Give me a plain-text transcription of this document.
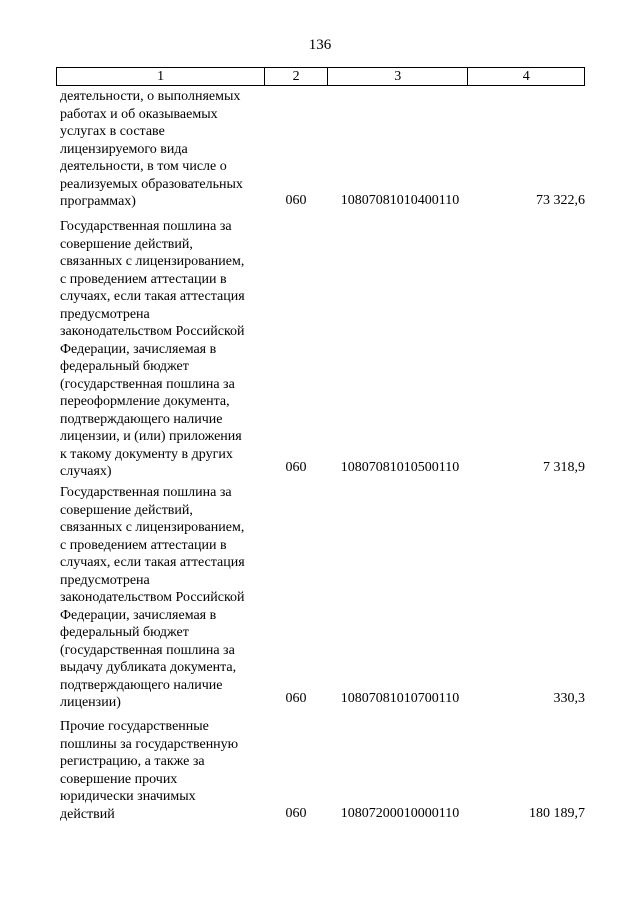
136
1	2	3	4
деятельности, о выполняемых
работах и об оказываемых
услугах в составе
лицензируемого вида
деятельности, в том числе о
реализуемых образовательных
программах)	060	10807081010400110	73 322,6
Государственная пошлина за
совершение действий,
связанных с лицензированием,
с проведением аттестации в
случаях, если такая аттестация
предусмотрена
законодательством Российской
Федерации, зачисляемая в
федеральный бюджет
(государственная пошлина за
переоформление документа,
подтверждающего наличие
лицензии, и (или) приложения
к такому документу в других
случаях)	060	10807081010500110	7 318,9
Государственная пошлина за
совершение действий,
связанных с лицензированием,
с проведением аттестации в
случаях, если такая аттестация
предусмотрена
законодательством Российской
Федерации, зачисляемая в
федеральный бюджет
(государственная пошлина за
выдачу дубликата документа,
подтверждающего наличие
лицензии)	060	10807081010700110	330,3
Прочие государственные
пошлины за государственную
регистрацию, а также за
совершение прочих
юридически значимых
действий	060	10807200010000110	180 189,7
